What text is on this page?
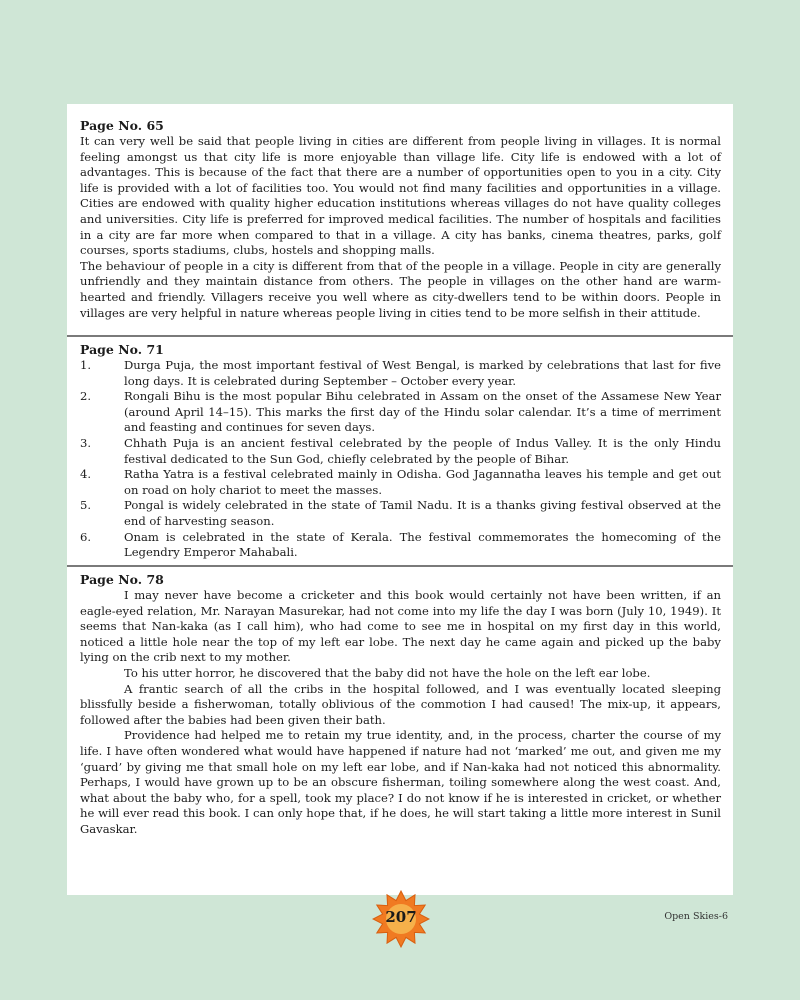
Page No. 65

It can very well be said that people living in cities are different from people living in villages. It is normal feeling amongst us that city life is more enjoyable than village life. City life is endowed with a lot of advantages. This is because of the fact that there are a number of opportunities open to you in a city. City life is provided with a lot of facilities too. You would not find many facilities and opportunities in a village. Cities are endowed with quality higher education institutions whereas villages do not have quality colleges and universities. City life is preferred for improved medical facilities. The number of hospitals and facilities in a city are far more when compared to that in a village. A city has banks, cinema theatres, parks, golf courses, sports stadiums, clubs, hostels and shopping malls.

The behaviour of people in a city is different from that of the people in a village. People in city are generally unfriendly and they maintain distance from others. The people in villages on the other hand are warm-hearted and friendly. Villagers receive you well where as city-dwellers tend to be within doors. People in villages are very helpful in nature whereas people living in cities tend to be more selfish in their attitude.

Page No. 71
1.	Durga Puja, the most important festival of West Bengal, is marked by celebrations that last for five long days. It is celebrated during September – October every year.
2.	Rongali Bihu is the most popular Bihu celebrated in Assam on the onset of the Assamese New Year (around April 14–15). This marks the first day of the Hindu solar calendar. It’s a time of merriment and feasting and continues for seven days.
3.	Chhath Puja is an ancient festival celebrated by the people of Indus Valley. It is the only Hindu festival dedicated to the Sun God, chiefly celebrated by the people of Bihar.
4.	Ratha Yatra is a festival celebrated mainly in Odisha. God Jagannatha leaves his temple and get out on road on holy chariot to meet the masses.
5.	Pongal is widely celebrated in the state of Tamil Nadu. It is a thanks giving festival observed at the end of harvesting season.
6.	Onam is celebrated in the state of Kerala. The festival commemorates the homecoming of the Legendry Emperor Mahabali.
Page No. 78

I may never have become a cricketer and this book would certainly not have been written, if an eagle-eyed relation, Mr. Narayan Masurekar, had not come into my life the day I was born (July 10, 1949). It seems that Nan-kaka (as I call him), who had come to see me in hospital on my first day in this world, noticed a little hole near the top of my left ear lobe. The next day he came again and picked up the baby lying on the crib next to my mother.

To his utter horror, he discovered that the baby did not have the hole on the left ear lobe.

A frantic search of all the cribs in the hospital followed, and I was eventually located sleeping blissfully beside a fisherwoman, totally oblivious of the commotion I had caused! The mix-up, it appears, followed after the babies had been given their bath.

Providence had helped me to retain my true identity, and, in the process, charter the course of my life. I have often wondered what would have happened if nature had not ‘marked’ me out, and given me my ‘guard’ by giving me that small hole on my left ear lobe, and if Nan-kaka had not noticed this abnormality. Perhaps, I would have grown up to be an obscure fisherman, toiling somewhere along the west coast. And, what about the baby who, for a spell, took my place? I do not know if he is interested in cricket, or whether he will ever read this book. I can only hope that, if he does, he will start taking a little more interest in Sunil Gavaskar.

207	Open Skies-6
